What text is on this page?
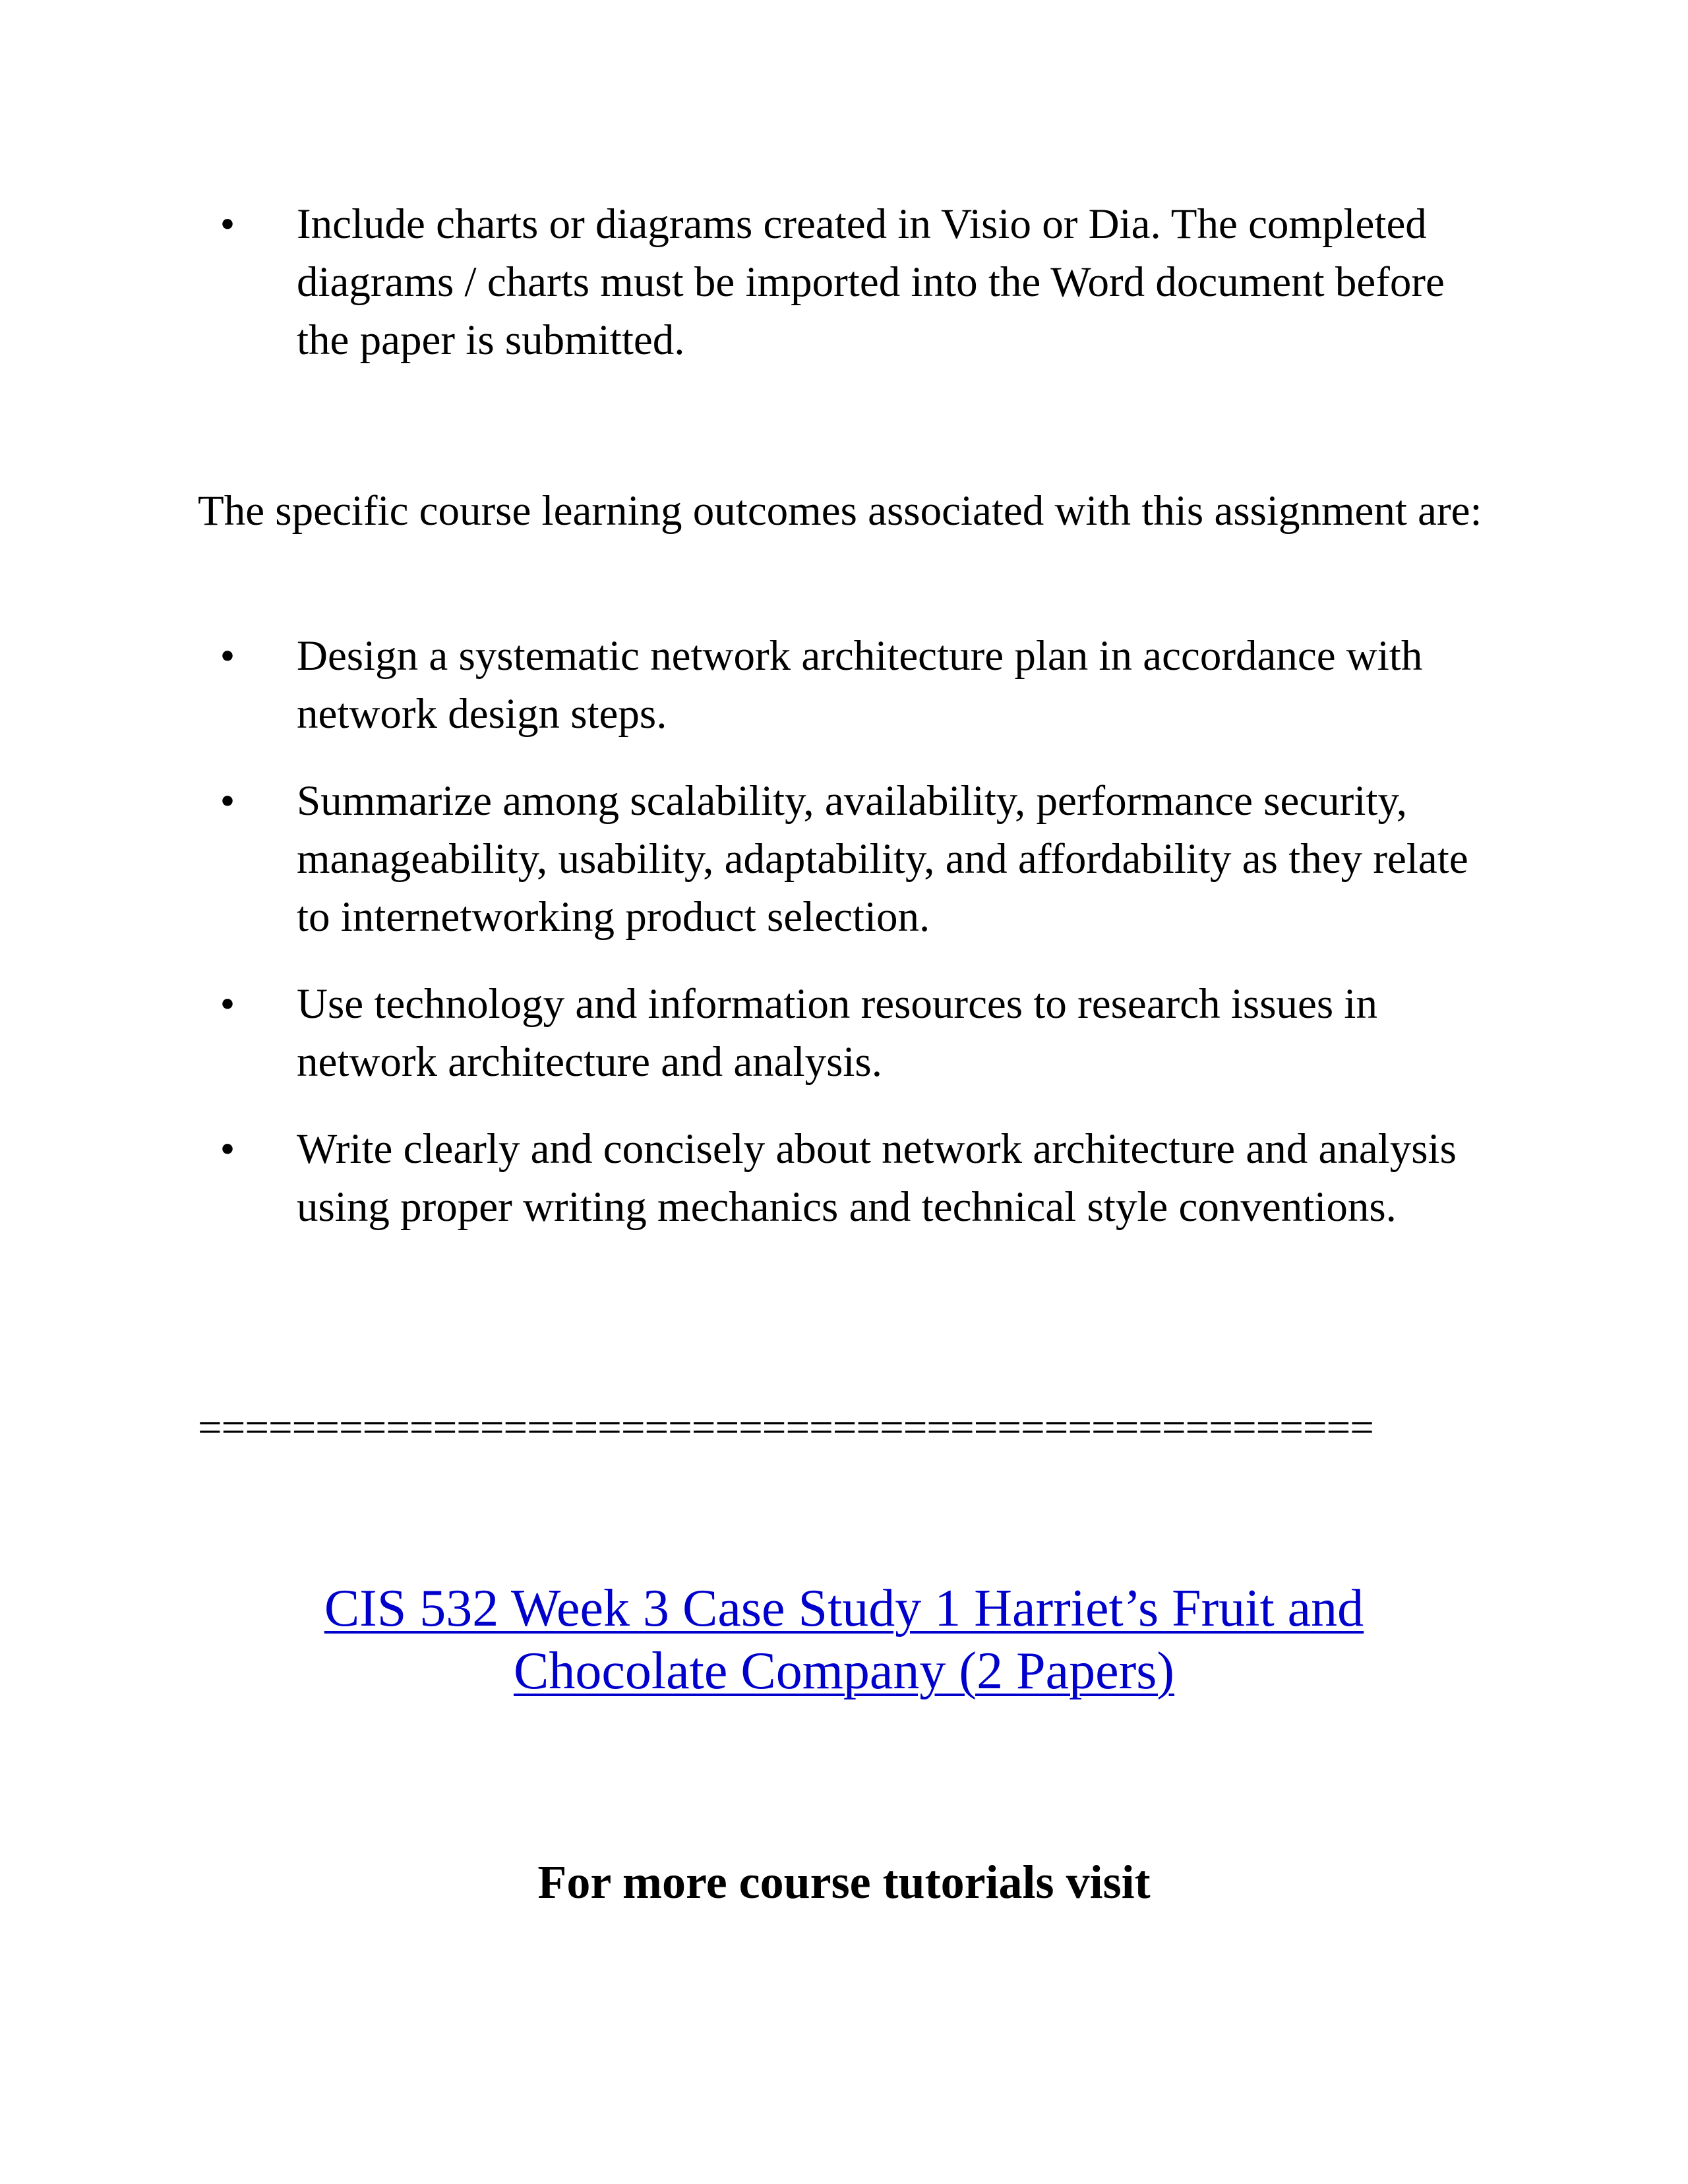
•	Include charts or diagrams created in Visio or Dia. The completed diagrams / charts must be imported into the Word document before the paper is submitted.

The specific course learning outcomes associated with this assignment are:

•	Design a systematic network architecture plan in accordance with network design steps.
•	Summarize among scalability, availability, performance security, manageability, usability, adaptability, and affordability as they relate to internetworking product selection.
•	Use technology and information resources to research issues in network architecture and analysis.
•	Write clearly and concisely about network architecture and analysis using proper writing mechanics and technical style conventions.

==================================================

CIS 532 Week 3 Case Study 1 Harriet’s Fruit and
Chocolate Company (2 Papers)

For more course tutorials visit
